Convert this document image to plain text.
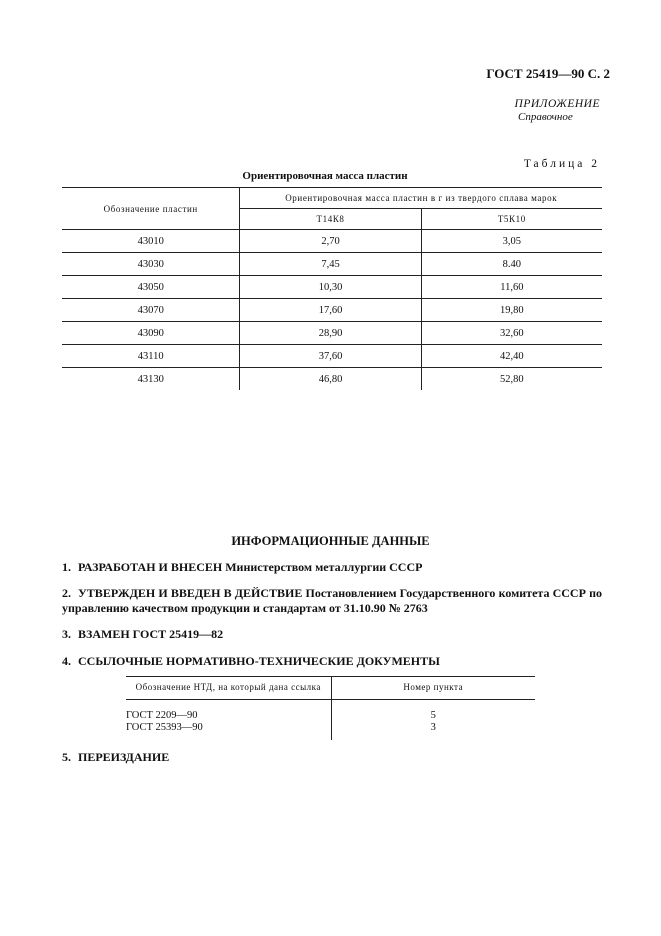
ГОСТ 25419—90 С. 2
ПРИЛОЖЕНИЕ
Справочное
Таблица 2
Ориентировочная масса пластин
Обозначение пластин	Ориентировочная масса пластин в г из твердого сплава марок	
	Т14К8	Т5К10
43010	2,70	3,05
43030	7,45	8.40
43050	10,30	11,60
43070	17,60	19,80
43090	28,90	32,60
43110	37,60	42,40
43130	46,80	52,80
ИНФОРМАЦИОННЫЕ ДАННЫЕ
1. РАЗРАБОТАН И ВНЕСЕН Министерством металлургии СССР
2. УТВЕРЖДЕН И ВВЕДЕН В ДЕЙСТВИЕ Постановлением Государственного комитета СССР по управлению качеством продукции и стандартам от 31.10.90 № 2763
3. ВЗАМЕН ГОСТ 25419—82
4. ССЫЛОЧНЫЕ НОРМАТИВНО-ТЕХНИЧЕСКИЕ ДОКУМЕНТЫ
Обозначение НТД, на который дана ссылка	Номер пункта

ГОСТ 2209—90	5
ГОСТ 25393—90	3
5. ПЕРЕИЗДАНИЕ
